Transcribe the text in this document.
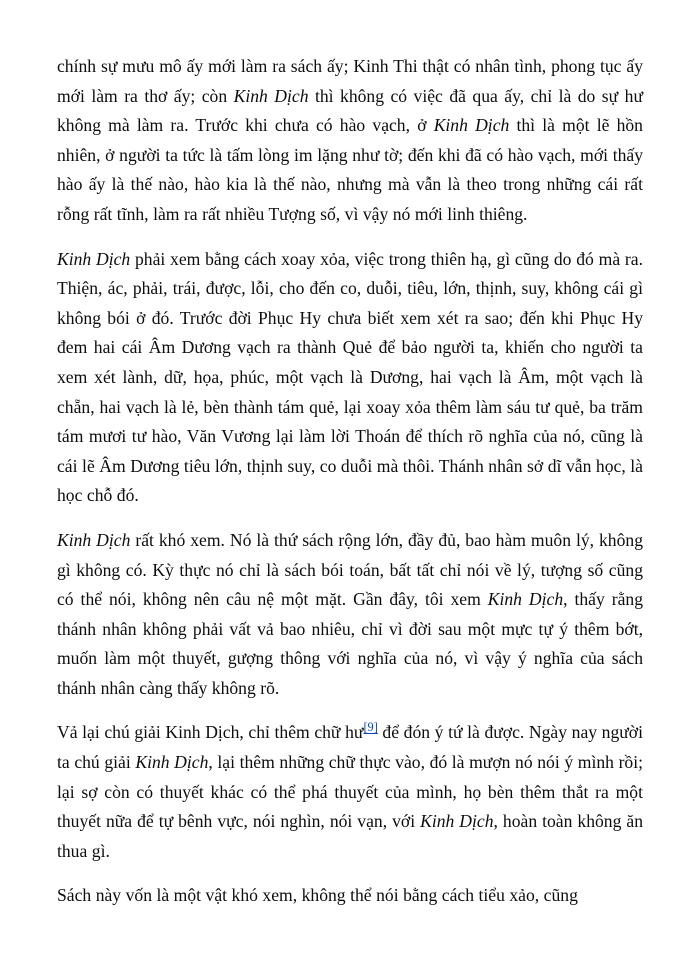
chính sự mưu mô ấy mới làm ra sách ấy; Kinh Thi thật có nhân tình, phong tục ấy mới làm ra thơ ấy; còn Kinh Dịch thì không có việc đã qua ấy, chỉ là do sự hư không mà làm ra. Trước khi chưa có hào vạch, ở Kinh Dịch thì là một lẽ hồn nhiên, ở người ta tức là tấm lòng im lặng như tờ; đến khi đã có hào vạch, mới thấy hào ấy là thế nào, hào kia là thế nào, nhưng mà vẫn là theo trong những cái rất rỗng rất tĩnh, làm ra rất nhiều Tượng số, vì vậy nó mới linh thiêng.

Kinh Dịch phải xem bằng cách xoay xỏa, việc trong thiên hạ, gì cũng do đó mà ra. Thiện, ác, phải, trái, được, lỗi, cho đến co, duỗi, tiêu, lớn, thịnh, suy, không cái gì không bói ở đó. Trước đời Phục Hy chưa biết xem xét ra sao; đến khi Phục Hy đem hai cái Âm Dương vạch ra thành Quẻ để bảo người ta, khiến cho người ta xem xét lành, dữ, họa, phúc, một vạch là Dương, hai vạch là Âm, một vạch là chẵn, hai vạch là lẻ, bèn thành tám quẻ, lại xoay xỏa thêm làm sáu tư quẻ, ba trăm tám mươi tư hào, Văn Vương lại làm lời Thoán để thích rõ nghĩa của nó, cũng là cái lẽ Âm Dương tiêu lớn, thịnh suy, co duỗi mà thôi. Thánh nhân sở dĩ vẫn học, là học chỗ đó.

Kinh Dịch rất khó xem. Nó là thứ sách rộng lớn, đầy đủ, bao hàm muôn lý, không gì không có. Kỳ thực nó chỉ là sách bói toán, bất tất chỉ nói về lý, tượng số cũng có thể nói, không nên câu nệ một mặt. Gần đây, tôi xem Kinh Dịch, thấy rằng thánh nhân không phải vất vả bao nhiêu, chỉ vì đời sau một mực tự ý thêm bớt, muốn làm một thuyết, gượng thông với nghĩa của nó, vì vậy ý nghĩa của sách thánh nhân càng thấy không rõ.

Vả lại chú giải Kinh Dịch, chỉ thêm chữ hư[9] để đón ý tứ là được. Ngày nay người ta chú giải Kinh Dịch, lại thêm những chữ thực vào, đó là mượn nó nói ý mình rồi; lại sợ còn có thuyết khác có thể phá thuyết của mình, họ bèn thêm thắt ra một thuyết nữa để tự bênh vực, nói nghìn, nói vạn, với Kinh Dịch, hoàn toàn không ăn thua gì.

Sách này vốn là một vật khó xem, không thể nói bằng cách tiểu xảo, cũng
